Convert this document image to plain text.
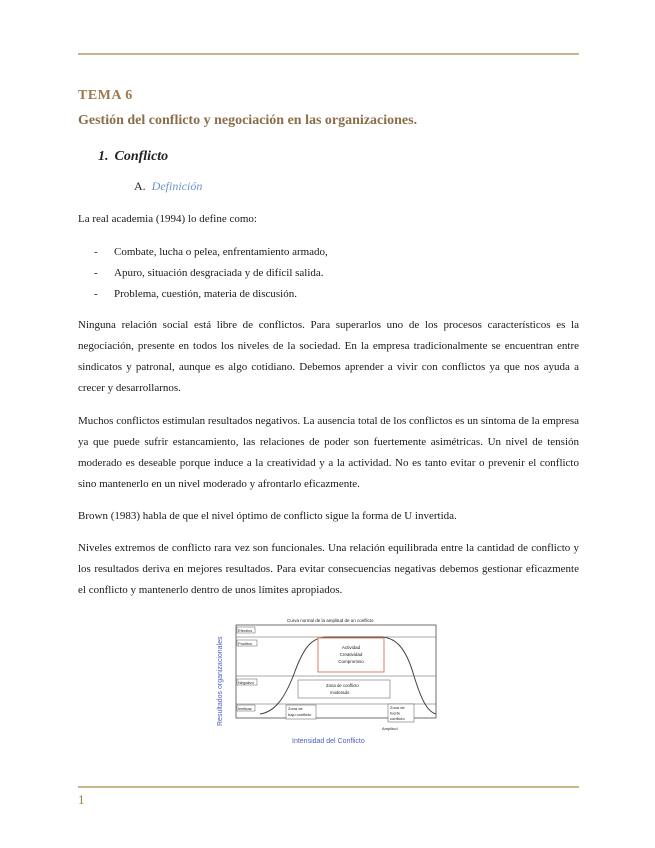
TEMA 6
Gestión del conflicto y negociación en las organizaciones.
1. Conflicto
A. Definición
La real academia (1994) lo define como:
- Combate, lucha o pelea, enfrentamiento armado,
- Apuro, situación desgraciada y de difícil salida.
- Problema, cuestión, materia de discusión.
Ninguna relación social está libre de conflictos. Para superarlos uno de los procesos característicos es la negociación, presente en todos los niveles de la sociedad. En la empresa tradicionalmente se encuentran entre sindicatos y patronal, aunque es algo cotidiano. Debemos aprender a vivir con conflictos ya que nos ayuda a crecer y desarrollarnos.
Muchos conflictos estimulan resultados negativos. La ausencia total de los conflictos es un síntoma de la empresa ya que puede sufrir estancamiento, las relaciones de poder son fuertemente asimétricas. Un nivel de tensión moderado es deseable porque induce a la creatividad y a la actividad. No es tanto evitar o prevenir el conflicto sino mantenerlo en un nivel moderado y afrontarlo eficazmente.
Brown (1983) habla de que el nivel óptimo de conflicto sigue la forma de U invertida.
Niveles extremos de conflicto rara vez son funcionales. Una relación equilibrada entre la cantidad de conflicto y los resultados deriva en mejores resultados. Para evitar consecuencias negativas debemos gestionar eficazmente el conflicto y mantenerlo dentro de unos límites apropiados.
Curva normal de la amplitud de un conflicto
Efectivo
Positivo
Negativo
Ineficaz
Actividad
Creatividad
Compromiso
Zona de conflicto
moderado
Zona de
bajo conflicto
Zona de
fuerte
conflicto
Amplitud
Resultados organizacionales
Intensidad del Conflicto
1
